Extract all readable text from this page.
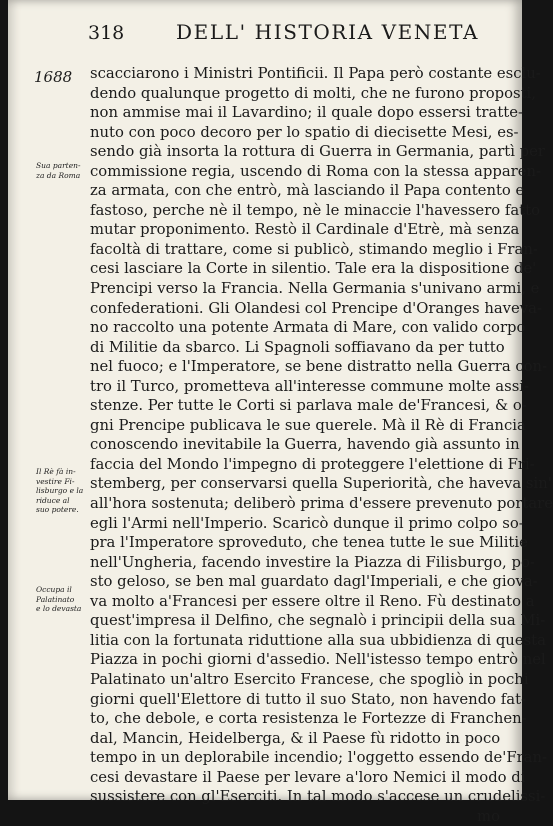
318	DELL' HISTORIA VENETA
1688
Sua parten-
za da Roma
Il Rè fà in-
vestire Fi-
lisburgo e la
riduce al
suo potere.
Occupa il
Palatinato
e lo devasta
scacciarono i Ministri Pontificii. Il Papa però costante esclu-
dendo qualunque progetto di molti, che ne furono proposti,
non ammise mai il Lavardino; il quale dopo essersi tratte-
nuto con poco decoro per lo spatio di diecisette Mesi, es-
sendo già insorta la rottura di Guerra in Germania, partì per
commissione regia, uscendo di Roma con la stessa apparen-
za armata, con che entrò, mà lasciando il Papa contento e
fastoso, perche nè il tempo, nè le minaccie l'havessero fatto
mutar proponimento. Restò il Cardinale d'Etrè, mà senza
facoltà di trattare, come si publicò, stimando meglio i Fran-
cesi lasciare la Corte in silentio. Tale era la dispositione de'
Prencipi verso la Francia. Nella Germania s'univano armi, e
confederationi. Gli Olandesi col Prencipe d'Oranges haveva-
no raccolto una potente Armata di Mare, con valido corpo
di Militie da sbarco. Li Spagnoli soffiavano da per tutto
nel fuoco; e l'Imperatore, se bene distratto nella Guerra con-
tro il Turco, prometteva all'interesse commune molte assi-
stenze. Per tutte le Corti si parlava male de'Francesi, & o-
gni Prencipe publicava le sue querele. Mà il Rè di Francia
conoscendo inevitabile la Guerra, havendo già assunto in
faccia del Mondo l'impegno di proteggere l'elettione di Fri-
stemberg, per conservarsi quella Superiorità, che haveva sin'
all'hora sostenuta; deliberò prima d'essere prevenuto portare
egli l'Armi nell'Imperio. Scaricò dunque il primo colpo so-
pra l'Imperatore sproveduto, che tenea tutte le sue Militie
nell'Ungheria, facendo investire la Piazza di Filisburgo, po-
sto geloso, se ben mal guardato dagl'Imperiali, e che giova-
va molto a'Francesi per essere oltre il Reno. Fù destinato a
quest'impresa il Delfino, che segnalò i principii della sua Mi-
litia con la fortunata riduttione alla sua ubbidienza di questa
Piazza in pochi giorni d'assedio. Nell'istesso tempo entrò nel
Palatinato un'altro Esercito Francese, che spogliò in pochi
giorni quell'Elettore di tutto il suo Stato, non havendo fat-
to, che debole, e corta resistenza le Fortezze di Franchen-
dal, Mancin, Heidelberga, & il Paese fù ridotto in poco
tempo in un deplorabile incendio; l'oggetto essendo de'Fran-
cesi devastare il Paese per levare a'loro Nemici il modo di
sussistere con gl'Eserciti. In tal modo s'accese un crudelissi-
mo
